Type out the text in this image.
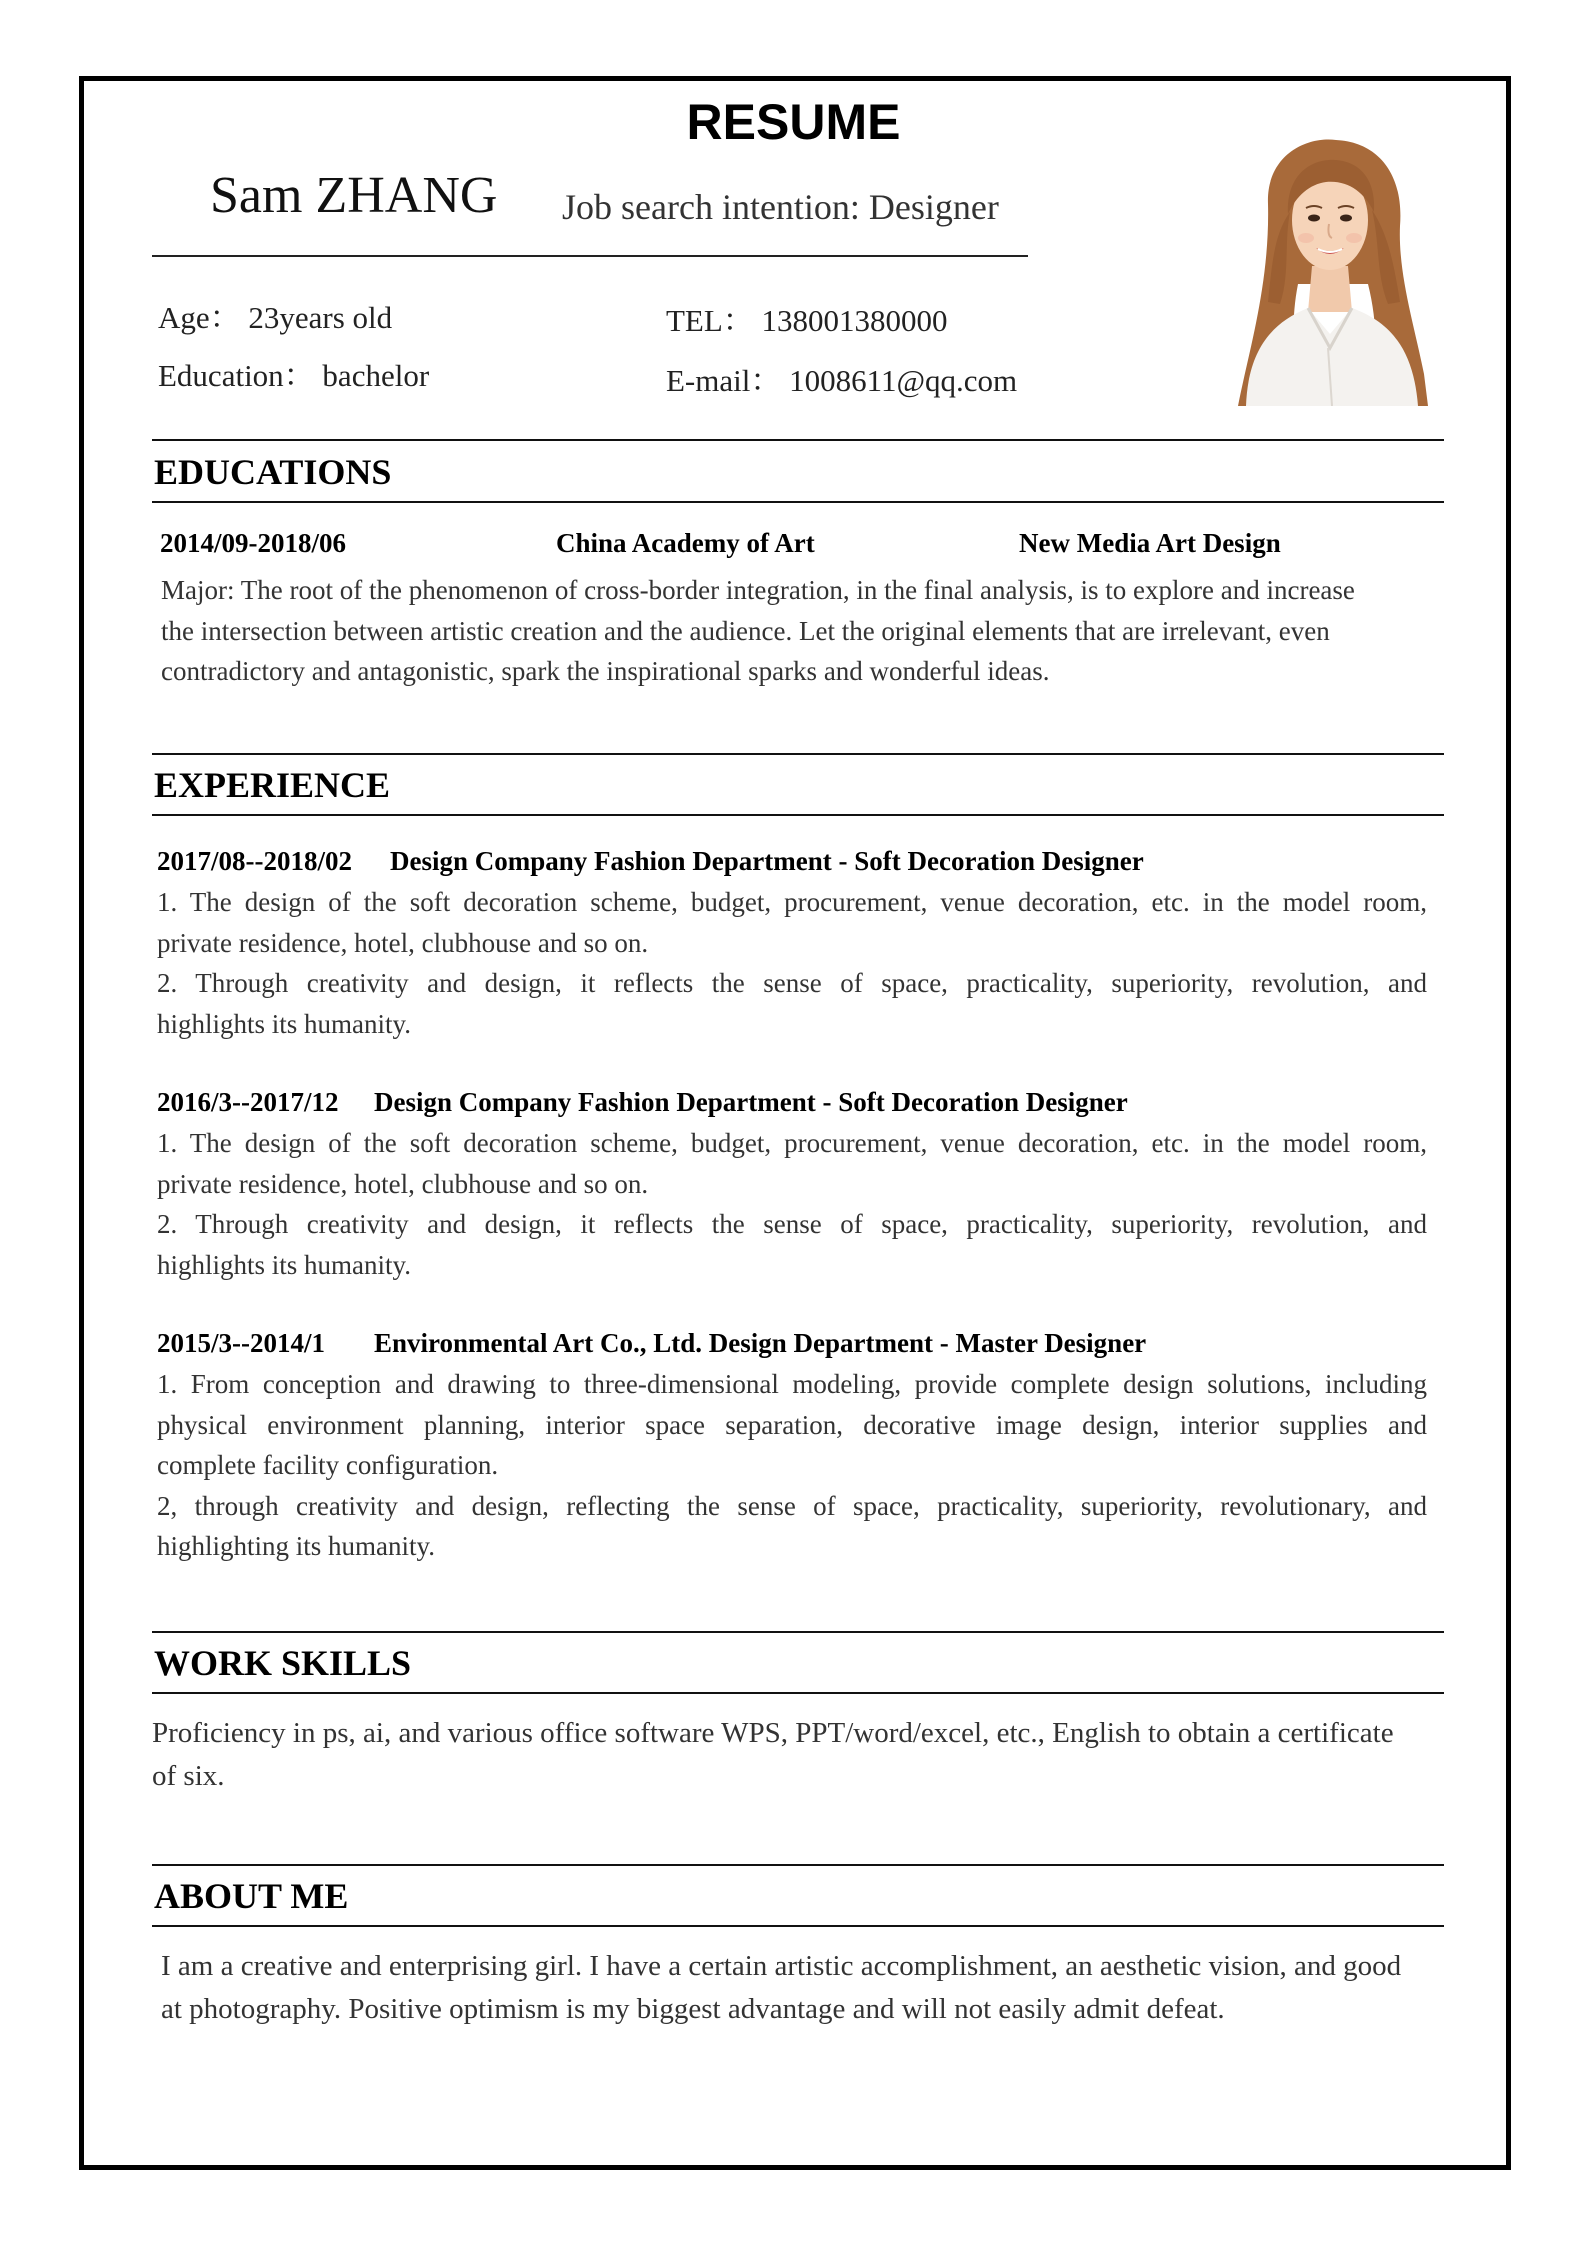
RESUME
Sam ZHANG Job search intention: Designer
Age： 23years old
Education： bachelor
TEL： 138001380000
E-mail： 1008611@qq.com
EDUCATIONS
2014/09-2018/06	China Academy of Art	New Media Art Design
Major: The root of the phenomenon of cross-border integration, in the final analysis, is to explore and increase
the intersection between artistic creation and the audience. Let the original elements that are irrelevant, even
contradictory and antagonistic, spark the inspirational sparks and wonderful ideas.
EXPERIENCE
2017/08--2018/02 Design Company Fashion Department - Soft Decoration Designer
1. The design of the soft decoration scheme, budget, procurement, venue decoration, etc. in the model room,
private residence, hotel, clubhouse and so on.
2. Through creativity and design, it reflects the sense of space, practicality, superiority, revolution, and
highlights its humanity.
2016/3--2017/12 Design Company Fashion Department - Soft Decoration Designer
1. The design of the soft decoration scheme, budget, procurement, venue decoration, etc. in the model room,
private residence, hotel, clubhouse and so on.
2. Through creativity and design, it reflects the sense of space, practicality, superiority, revolution, and
highlights its humanity.
2015/3--2014/1 Environmental Art Co., Ltd. Design Department - Master Designer
1. From conception and drawing to three-dimensional modeling, provide complete design solutions, including
physical environment planning, interior space separation, decorative image design, interior supplies and
complete facility configuration.
2, through creativity and design, reflecting the sense of space, practicality, superiority, revolutionary, and
highlighting its humanity.
WORK SKILLS
Proficiency in ps, ai, and various office software WPS, PPT/word/excel, etc., English to obtain a certificate
of six.
ABOUT ME
I am a creative and enterprising girl. I have a certain artistic accomplishment, an aesthetic vision, and good
at photography. Positive optimism is my biggest advantage and will not easily admit defeat.
